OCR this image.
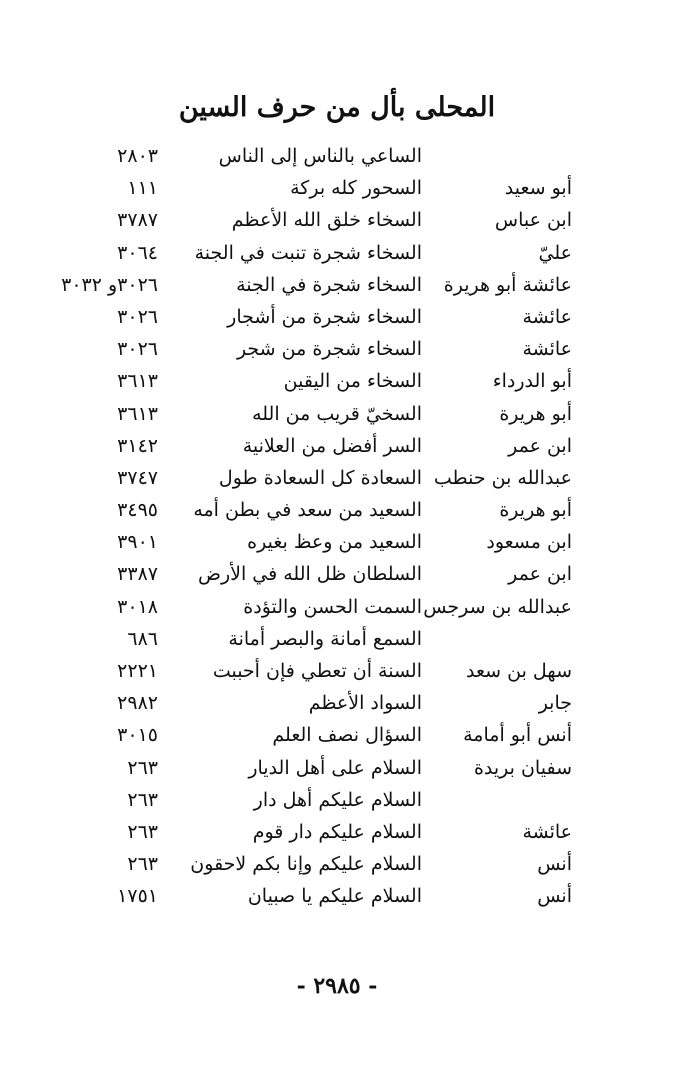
المحلى بأل من حرف السين
الساعي بالناس إلى الناس
٢٨٠٣
أبو سعيد
السحور كله بركة
١١١
ابن عباس
السخاء خلق الله الأعظم
٣٧٨٧
عليّ
السخاء شجرة تنبت في الجنة
٣٠٦٤
عائشة أبو هريرة
السخاء شجرة في الجنة
٣٠٢٦و ٣٠٣٢
عائشة
السخاء شجرة من أشجار
٣٠٢٦
عائشة
السخاء شجرة من شجر
٣٠٢٦
أبو الدرداء
السخاء من اليقين
٣٦١٣
أبو هريرة
السخيّ قريب من الله
٣٦١٣
ابن عمر
السر أفضل من العلانية
٣١٤٢
عبدالله بن حنطب
السعادة كل السعادة طول
٣٧٤٧
أبو هريرة
السعيد من سعد في بطن أمه
٣٤٩٥
ابن مسعود
السعيد من وعظ بغيره
٣٩٠١
ابن عمر
السلطان ظل الله في الأرض
٣٣٨٧
عبدالله بن سرجس
السمت الحسن والتؤدة
٣٠١٨
السمع أمانة والبصر أمانة
٦٨٦
سهل بن سعد
السنة أن تعطي فإن أحببت
٢٢٢١
جابر
السواد الأعظم
٢٩٨٢
أنس أبو أمامة
السؤال نصف العلم
٣٠١٥
سفيان بريدة
السلام على أهل الديار
٢٦٣
السلام عليكم أهل دار
٢٦٣
عائشة
السلام عليكم دار قوم
٢٦٣
أنس
السلام عليكم وإنا بكم لاحقون
٢٦٣
أنس
السلام عليكم يا صبيان
١٧٥١
- ٢٩٨٥ -
